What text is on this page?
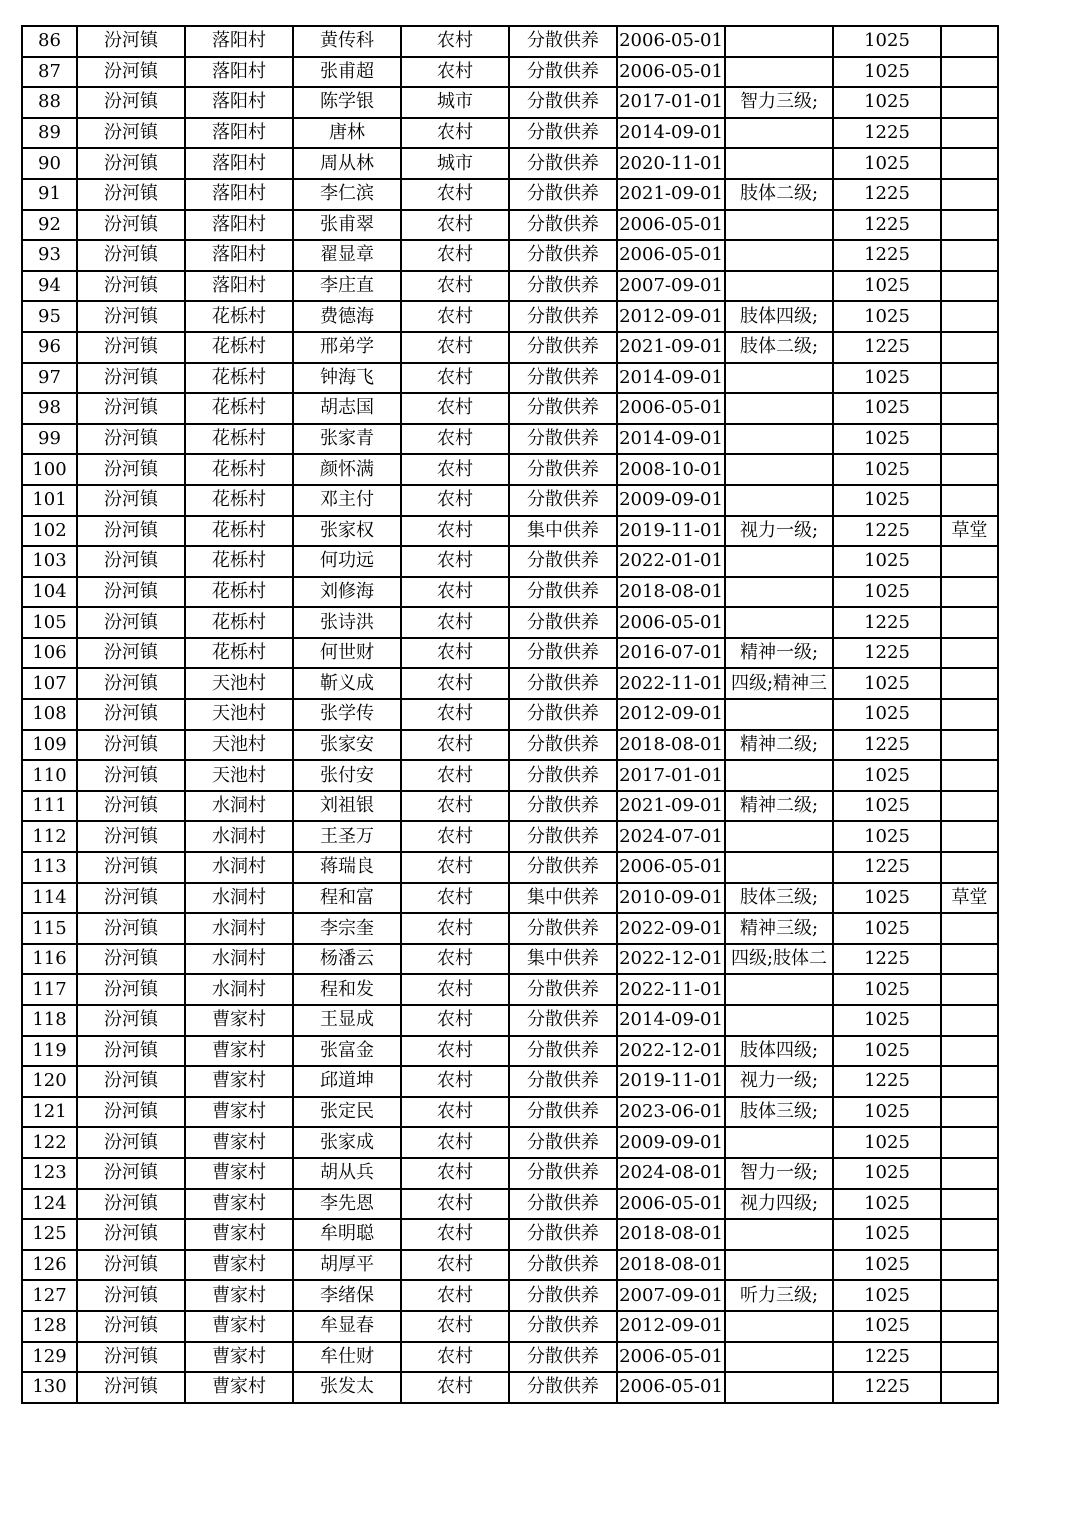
86	汾河镇	落阳村	黄传科	农村	分散供养	2006-05-01		1025	
87	汾河镇	落阳村	张甫超	农村	分散供养	2006-05-01		1025	
88	汾河镇	落阳村	陈学银	城市	分散供养	2017-01-01	智力三级;	1025	
89	汾河镇	落阳村	唐林	农村	分散供养	2014-09-01		1225	
90	汾河镇	落阳村	周从林	城市	分散供养	2020-11-01		1025	
91	汾河镇	落阳村	李仁滨	农村	分散供养	2021-09-01	肢体二级;	1225	
92	汾河镇	落阳村	张甫翠	农村	分散供养	2006-05-01		1225	
93	汾河镇	落阳村	翟显章	农村	分散供养	2006-05-01		1225	
94	汾河镇	落阳村	李庄直	农村	分散供养	2007-09-01		1025	
95	汾河镇	花栎村	费德海	农村	分散供养	2012-09-01	肢体四级;	1025	
96	汾河镇	花栎村	邢弟学	农村	分散供养	2021-09-01	肢体二级;	1225	
97	汾河镇	花栎村	钟海飞	农村	分散供养	2014-09-01		1025	
98	汾河镇	花栎村	胡志国	农村	分散供养	2006-05-01		1025	
99	汾河镇	花栎村	张家青	农村	分散供养	2014-09-01		1025	
100	汾河镇	花栎村	颜怀满	农村	分散供养	2008-10-01		1025	
101	汾河镇	花栎村	邓主付	农村	分散供养	2009-09-01		1025	
102	汾河镇	花栎村	张家权	农村	集中供养	2019-11-01	视力一级;	1225	草堂
103	汾河镇	花栎村	何功远	农村	分散供养	2022-01-01		1025	
104	汾河镇	花栎村	刘修海	农村	分散供养	2018-08-01		1025	
105	汾河镇	花栎村	张诗洪	农村	分散供养	2006-05-01		1225	
106	汾河镇	花栎村	何世财	农村	分散供养	2016-07-01	精神一级;	1225	
107	汾河镇	天池村	靳义成	农村	分散供养	2022-11-01	四级;精神三	1025	
108	汾河镇	天池村	张学传	农村	分散供养	2012-09-01		1025	
109	汾河镇	天池村	张家安	农村	分散供养	2018-08-01	精神二级;	1225	
110	汾河镇	天池村	张付安	农村	分散供养	2017-01-01		1025	
111	汾河镇	水洞村	刘祖银	农村	分散供养	2021-09-01	精神二级;	1025	
112	汾河镇	水洞村	王圣万	农村	分散供养	2024-07-01		1025	
113	汾河镇	水洞村	蒋瑞良	农村	分散供养	2006-05-01		1225	
114	汾河镇	水洞村	程和富	农村	集中供养	2010-09-01	肢体三级;	1025	草堂
115	汾河镇	水洞村	李宗奎	农村	分散供养	2022-09-01	精神三级;	1025	
116	汾河镇	水洞村	杨潘云	农村	集中供养	2022-12-01	四级;肢体二	1225	
117	汾河镇	水洞村	程和发	农村	分散供养	2022-11-01		1025	
118	汾河镇	曹家村	王显成	农村	分散供养	2014-09-01		1025	
119	汾河镇	曹家村	张富金	农村	分散供养	2022-12-01	肢体四级;	1025	
120	汾河镇	曹家村	邱道坤	农村	分散供养	2019-11-01	视力一级;	1225	
121	汾河镇	曹家村	张定民	农村	分散供养	2023-06-01	肢体三级;	1025	
122	汾河镇	曹家村	张家成	农村	分散供养	2009-09-01		1025	
123	汾河镇	曹家村	胡从兵	农村	分散供养	2024-08-01	智力一级;	1025	
124	汾河镇	曹家村	李先恩	农村	分散供养	2006-05-01	视力四级;	1025	
125	汾河镇	曹家村	牟明聪	农村	分散供养	2018-08-01		1025	
126	汾河镇	曹家村	胡厚平	农村	分散供养	2018-08-01		1025	
127	汾河镇	曹家村	李绪保	农村	分散供养	2007-09-01	听力三级;	1025	
128	汾河镇	曹家村	牟显春	农村	分散供养	2012-09-01		1025	
129	汾河镇	曹家村	牟仕财	农村	分散供养	2006-05-01		1225	
130	汾河镇	曹家村	张发太	农村	分散供养	2006-05-01		1225	
